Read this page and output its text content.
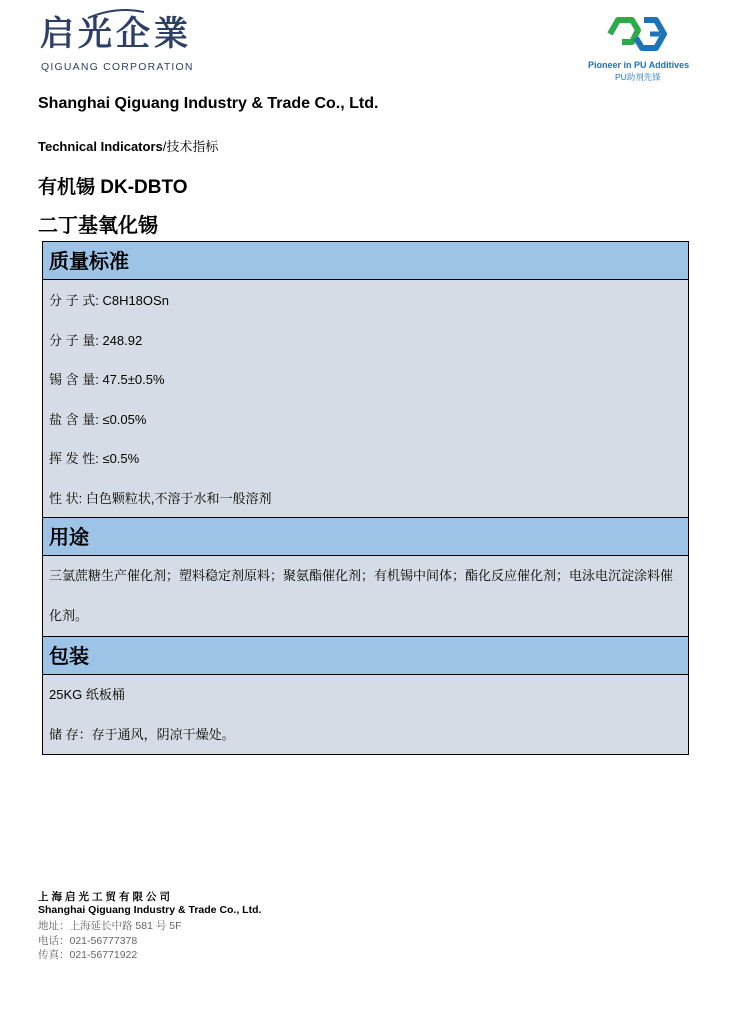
启光企業
QIGUANG CORPORATION	Pioneer in PU Additives
PU助剂先锋
Shanghai Qiguang Industry & Trade Co., Ltd.
Technical Indicators/技术指标
有机锡 DK-DBTO
二丁基氧化锡
质量标准
分 子 式: C8H18OSn
分 子 量: 248.92
锡 含 量: 47.5±0.5%
盐 含 量: ≤0.05%
挥 发 性: ≤0.5%
性 状: 白色颗粒状,不溶于水和一般溶剂
用途
三氯蔗糖生产催化剂；塑料稳定剂原料；聚氨酯催化剂；有机锡中间体；酯化反应催化剂；电泳电沉淀涂料催化剂。
包装
25KG 纸板桶
储 存：存于通风，阴凉干燥处。
上海启光工贸有限公司
Shanghai Qiguang Industry & Trade Co., Ltd.
地址：上海延长中路 581 号 5F
电话：021-56777378
传真：021-56771922
